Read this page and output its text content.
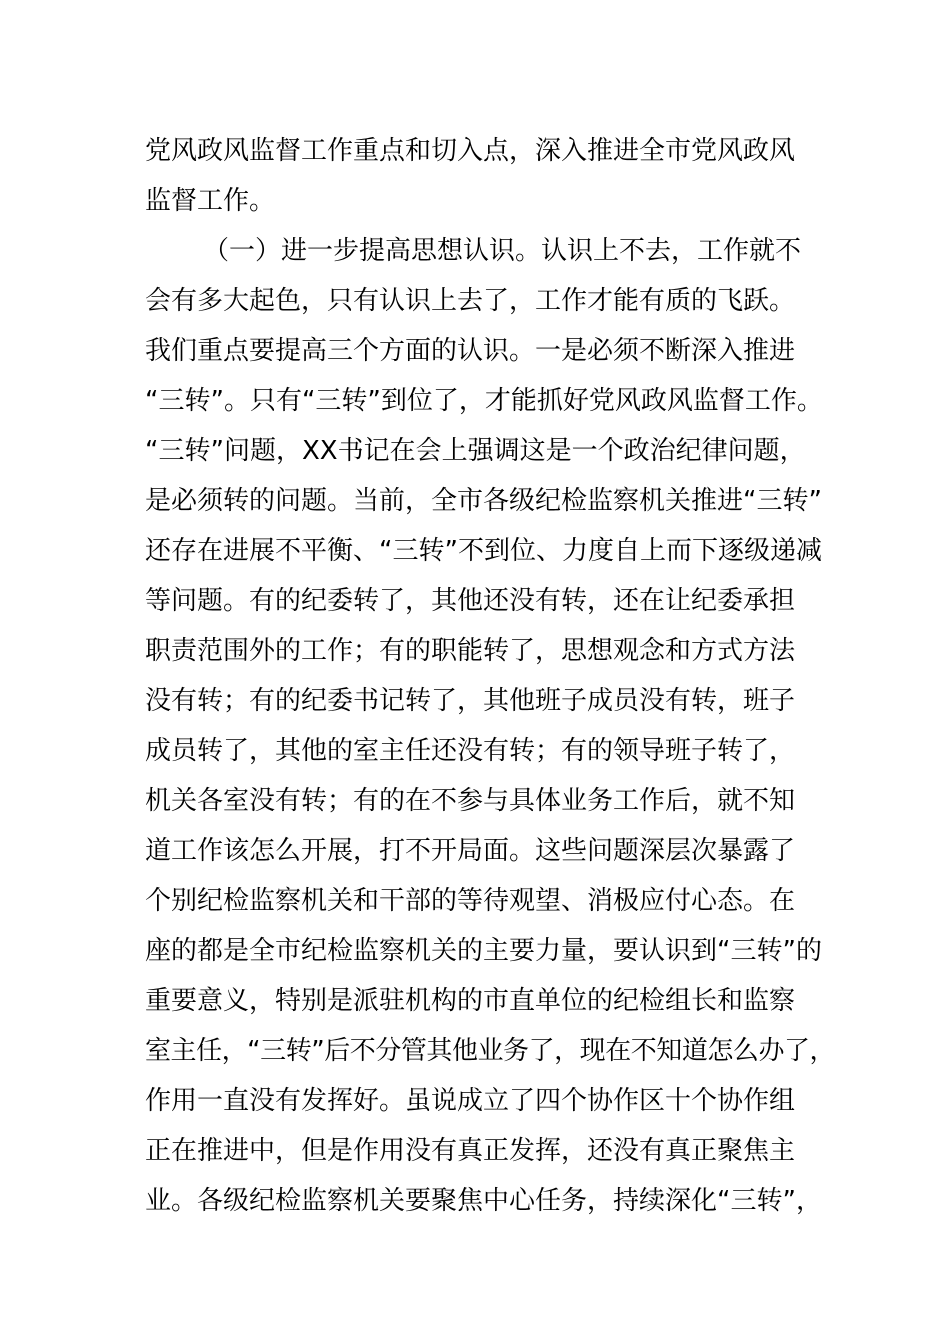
党风政风监督工作重点和切入点，深入推进全市党风政风
监督工作。
（一）进一步提高思想认识。认识上不去，工作就不
会有多大起色，只有认识上去了，工作才能有质的飞跃。
我们重点要提高三个方面的认识。一是必须不断深入推进
“三转”。只有“三转”到位了，才能抓好党风政风监督工作。
“三转”问题，XX书记在会上强调这是一个政治纪律问题，
是必须转的问题。当前，全市各级纪检监察机关推进“三转”
还存在进展不平衡、“三转”不到位、力度自上而下逐级递减
等问题。有的纪委转了，其他还没有转，还在让纪委承担
职责范围外的工作；有的职能转了，思想观念和方式方法
没有转；有的纪委书记转了，其他班子成员没有转，班子
成员转了，其他的室主任还没有转；有的领导班子转了，
机关各室没有转；有的在不参与具体业务工作后，就不知
道工作该怎么开展，打不开局面。这些问题深层次暴露了
个别纪检监察机关和干部的等待观望、消极应付心态。在
座的都是全市纪检监察机关的主要力量，要认识到“三转”的
重要意义，特别是派驻机构的市直单位的纪检组长和监察
室主任，“三转”后不分管其他业务了，现在不知道怎么办了，
作用一直没有发挥好。虽说成立了四个协作区十个协作组
正在推进中，但是作用没有真正发挥，还没有真正聚焦主
业。各级纪检监察机关要聚焦中心任务，持续深化“三转”，
